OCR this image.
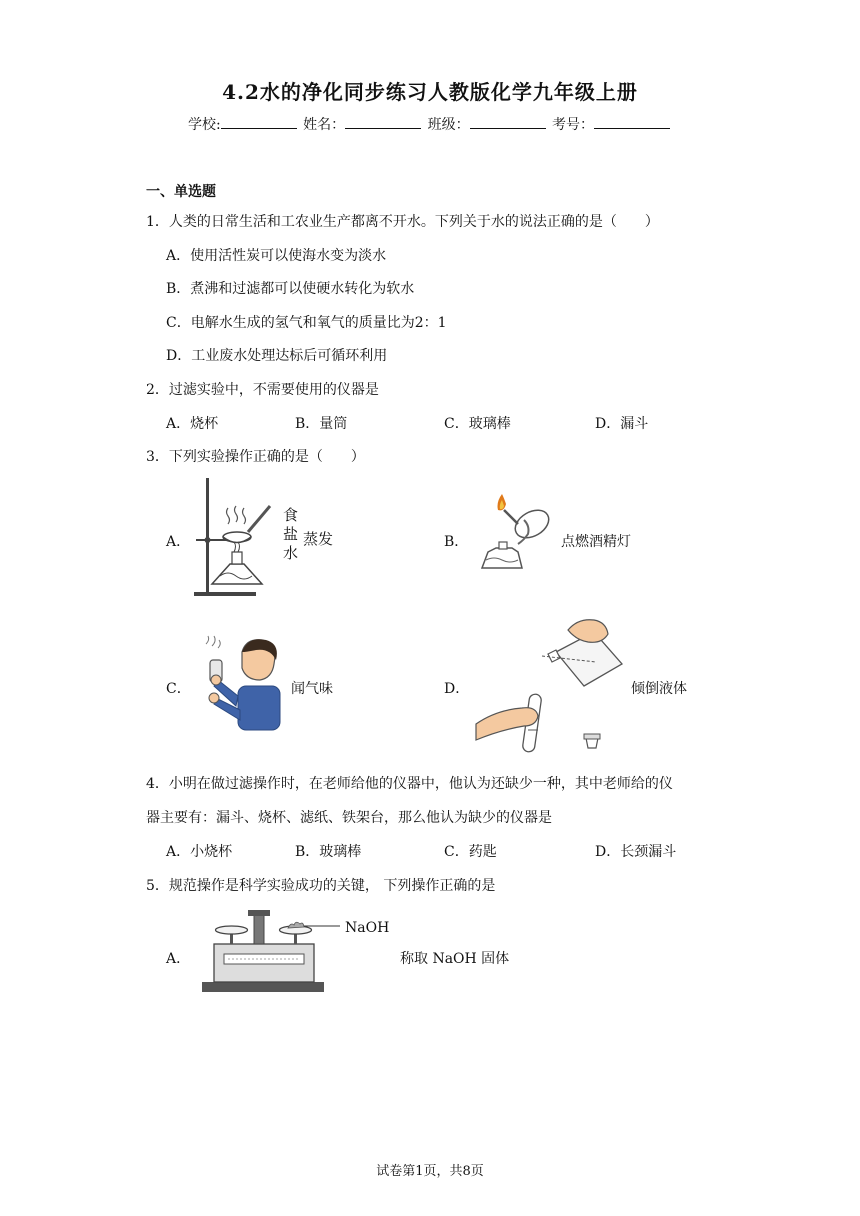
4.2水的净化同步练习人教版化学九年级上册
学校:	姓名：	班级：	考号：
一、单选题
1．人类的日常生活和工农业生产都离不开水。下列关于水的说法正确的是（　　）
A．使用活性炭可以使海水变为淡水
B．煮沸和过滤都可以使硬水转化为软水
C．电解水生成的氢气和氧气的质量比为2：1
D．工业废水处理达标后可循环利用
2．过滤实验中，不需要使用的仪器是
A．烧杯	B．量筒	C．玻璃棒	D．漏斗
3．下列实验操作正确的是（　　）
A．
食
盐
水
蒸发	B．	点燃酒精灯
C．	闻气味	D．	倾倒液体
4．小明在做过滤操作时，在老师给他的仪器中，他认为还缺少一种，其中老师给的仪
器主要有：漏斗、烧杯、滤纸、铁架台，那么他认为缺少的仪器是
A．小烧杯	B．玻璃棒	C．药匙	D．长颈漏斗
5．规范操作是科学实验成功的关键， 下列操作正确的是
A．
NaOH
称取 NaOH 固体
试卷第1页，共8页
